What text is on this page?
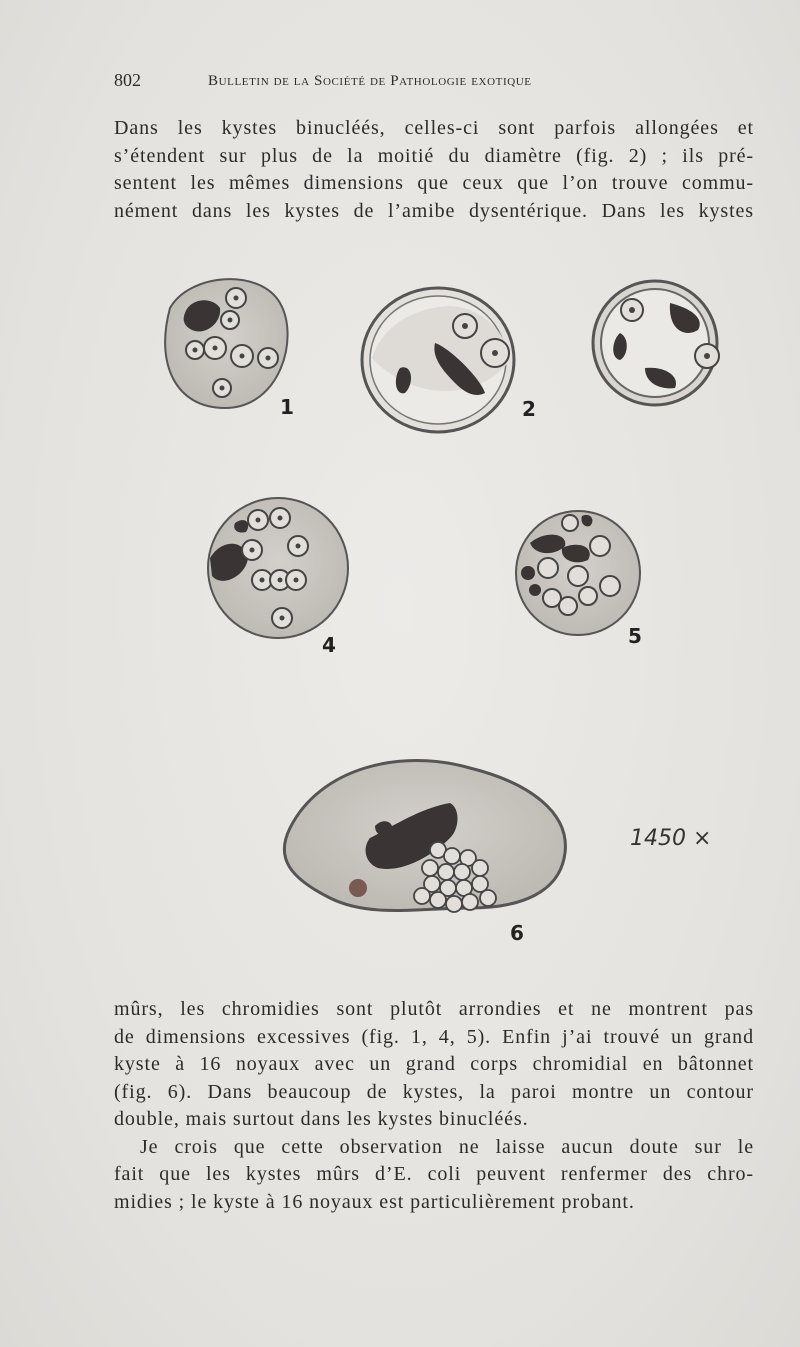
802	Bulletin de la Société de Pathologie exotique

Dans les kystes binucléés, celles-ci sont parfois allongées et
s’étendent sur plus de la moitié du diamètre (fig. 2) ; ils pré-
sentent les mêmes dimensions que ceux que l’on trouve commu-
nément dans les kystes de l’amibe dysentérique. Dans les kystes

1	2
4	5
6
1450 ×

mûrs, les chromidies sont plutôt arrondies et ne montrent pas
de dimensions excessives (fig. 1, 4, 5). Enfin j’ai trouvé un grand
kyste à 16 noyaux avec un grand corps chromidial en bâtonnet
(fig. 6). Dans beaucoup de kystes, la paroi montre un contour
double, mais surtout dans les kystes binucléés.

Je crois que cette observation ne laisse aucun doute sur le
fait que les kystes mûrs d’E. coli peuvent renfermer des chro-
midies ; le kyste à 16 noyaux est particulièrement probant.
